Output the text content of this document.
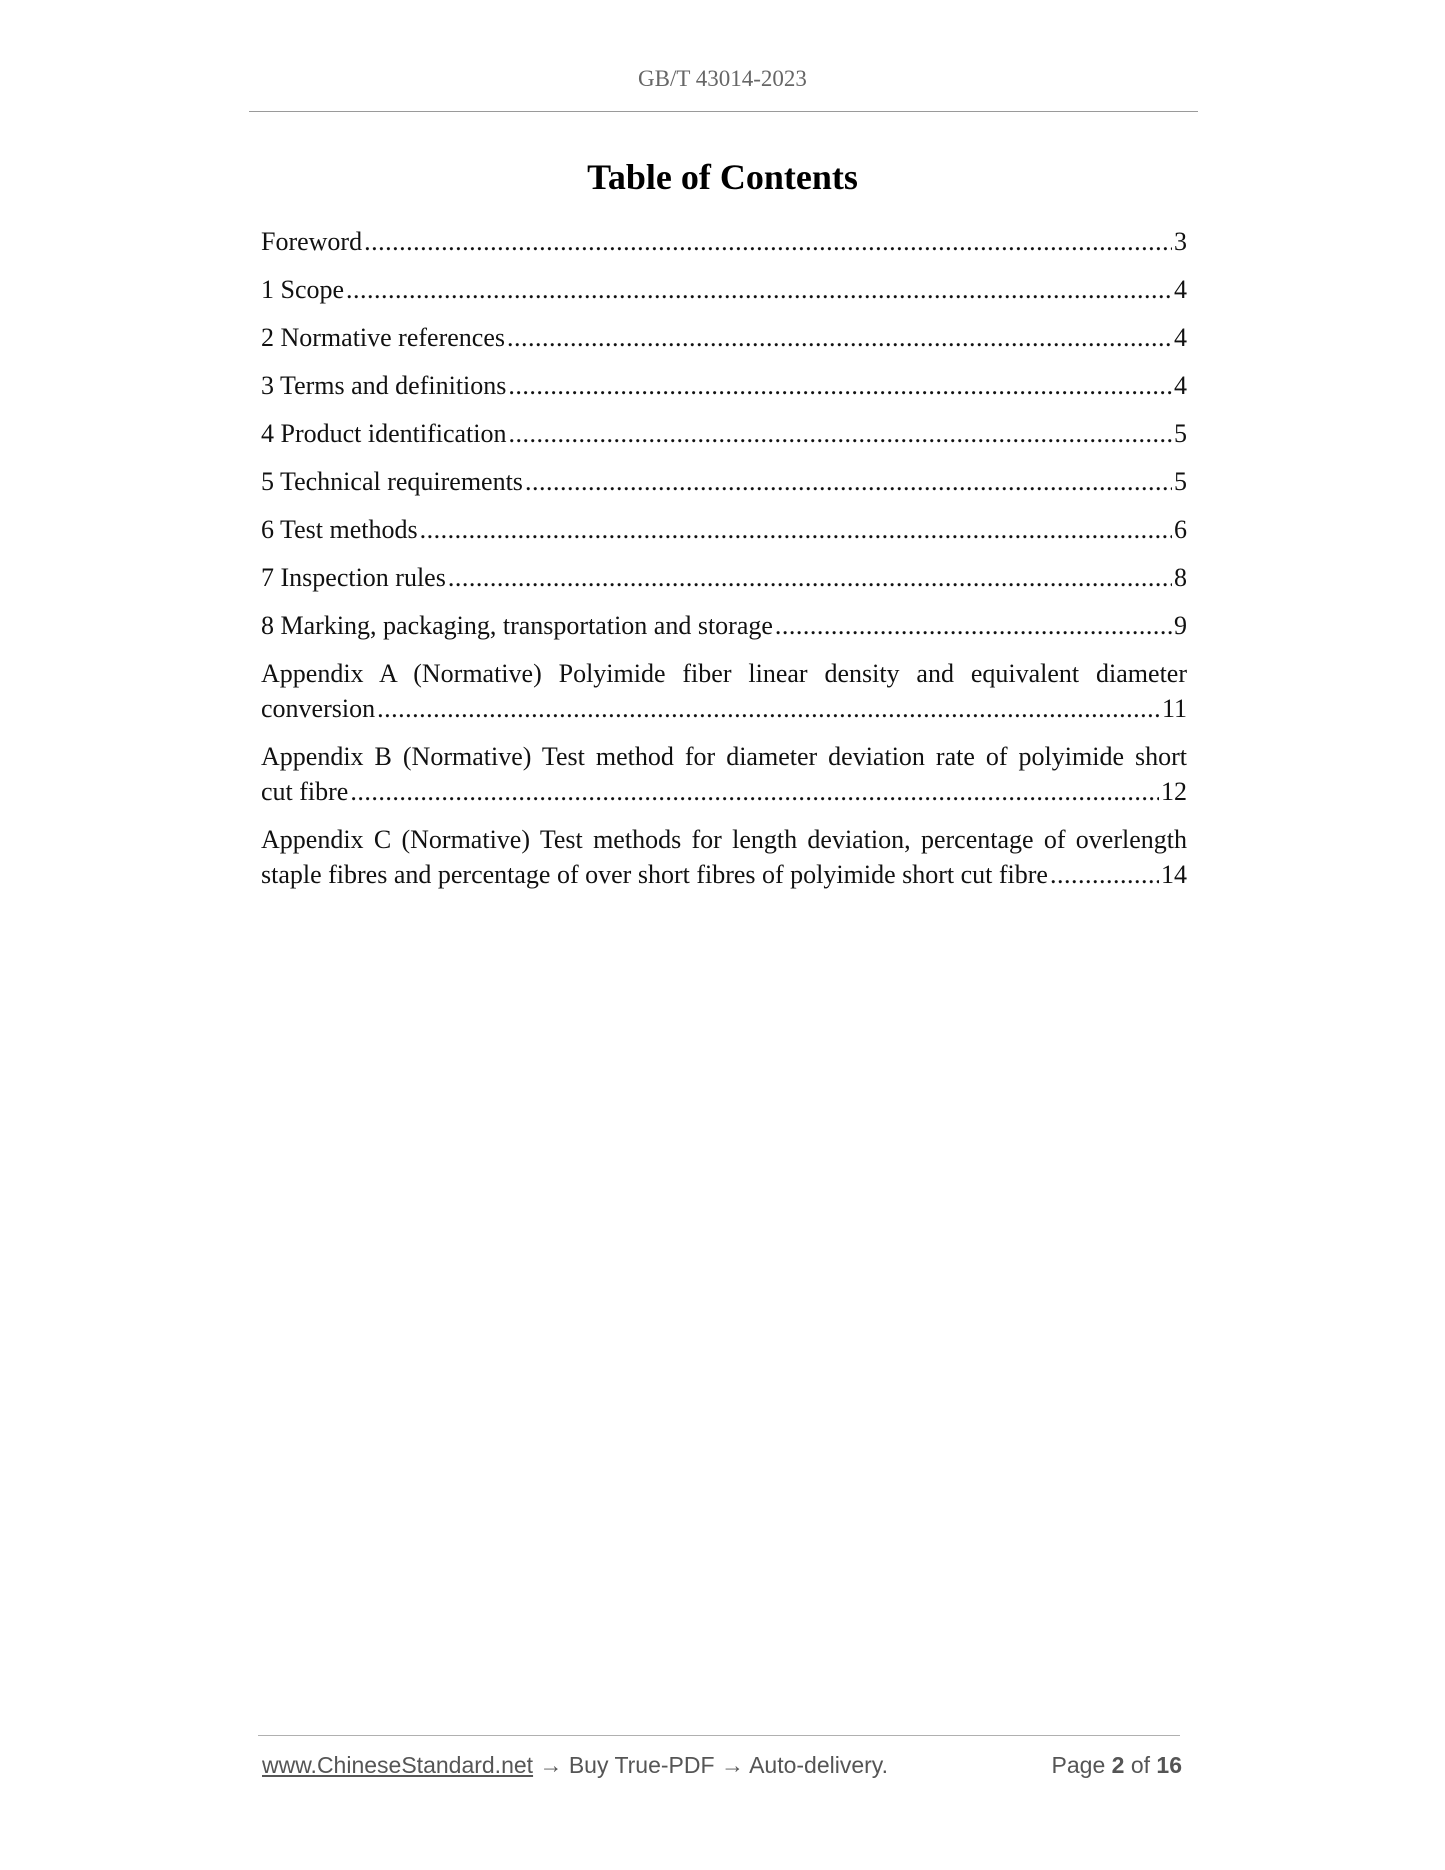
GB/T 43014-2023
Table of Contents
Foreword .....	3
1 Scope .....	4
2 Normative references .....	4
3 Terms and definitions .....	4
4 Product identification .....	5
5 Technical requirements .....	5
6 Test methods .....	6
7 Inspection rules .....	8
8 Marking, packaging, transportation and storage .....	9
Appendix A (Normative) Polyimide fiber linear density and equivalent diameter
conversion .....	11
Appendix B (Normative) Test method for diameter deviation rate of polyimide short
cut fibre .....	12
Appendix C (Normative) Test methods for length deviation, percentage of overlength
staple fibres and percentage of over short fibres of polyimide short cut fibre .....	14
www.ChineseStandard.net → Buy True-PDF → Auto-delivery.	Page 2 of 16
